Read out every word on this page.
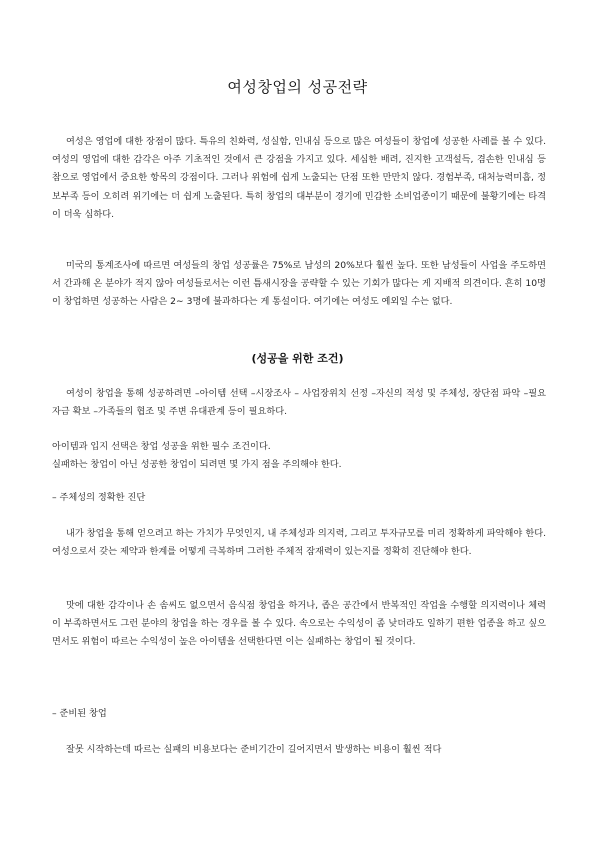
여성창업의 성공전략

여성은 영업에 대한 장점이 많다. 특유의 친화력, 성실함, 인내심 등으로 많은 여성들이 창업에 성공한 사례를 볼 수 있다. 여성의 영업에 대한 감각은 아주 기초적인 것에서 큰 강점을 가지고 있다. 세심한 배려, 진지한 고객설득, 겸손한 인내심 등 참으로 영업에서 중요한 항목의 강점이다. 그러나 위험에 쉽게 노출되는 단점 또한 만만치 않다. 경험부족, 대처능력미흡, 정보부족 등이 오히려 위기에는 더 쉽게 노출된다. 특히 창업의 대부분이 경기에 민감한 소비업종이기 때문에 불황기에는 타격이 더욱 심하다.

미국의 통계조사에 따르면 여성들의 창업 성공률은 75%로 남성의 20%보다 훨씬 높다. 또한 남성들이 사업을 주도하면서 간과해 온 분야가 적지 않아 여성들로서는 이런 틈새시장을 공략할 수 있는 기회가 많다는 게 지배적 의견이다. 흔히 10명이 창업하면 성공하는 사람은 2∼ 3명에 불과하다는 게 통설이다. 여기에는 여성도 예외일 수는 없다.

(성공을 위한 조건)

여성이 창업을 통해 성공하려면 –아이템 선택 –시장조사 – 사업장위치 선정 –자신의 적성 및 주체성, 장단점 파악 –필요 자금 확보 –가족들의 협조 및 주변 유대관계 등이 필요하다.

아이템과 입지 선택은 창업 성공을 위한 필수 조건이다.

실패하는 창업이 아닌 성공한 창업이 되려면 몇 가지 점을 주의해야 한다.

– 주체성의 정확한 진단

내가 창업을 통해 얻으려고 하는 가치가 무엇인지, 내 주체성과 의지력, 그리고 투자규모를 미리 정확하게 파악해야 한다. 여성으로서 갖는 제약과 한계를 어떻게 극복하며 그러한 주체적 잠재력이 있는지를 정확히 진단해야 한다.

맛에 대한 감각이나 손 솜씨도 없으면서 음식점 창업을 하거나, 좁은 공간에서 반복적인 작업을 수행할 의지력이나 체력이 부족하면서도 그런 분야의 창업을 하는 경우를 볼 수 있다. 속으로는 수익성이 좀 낮더라도 일하기 편한 업종을 하고 싶으면서도 위험이 따르는 수익성이 높은 아이템을 선택한다면 이는 실패하는 창업이 될 것이다.

– 준비된 창업

잘못 시작하는데 따르는 실패의 비용보다는 준비기간이 길어지면서 발생하는 비용이 훨씬 적다
